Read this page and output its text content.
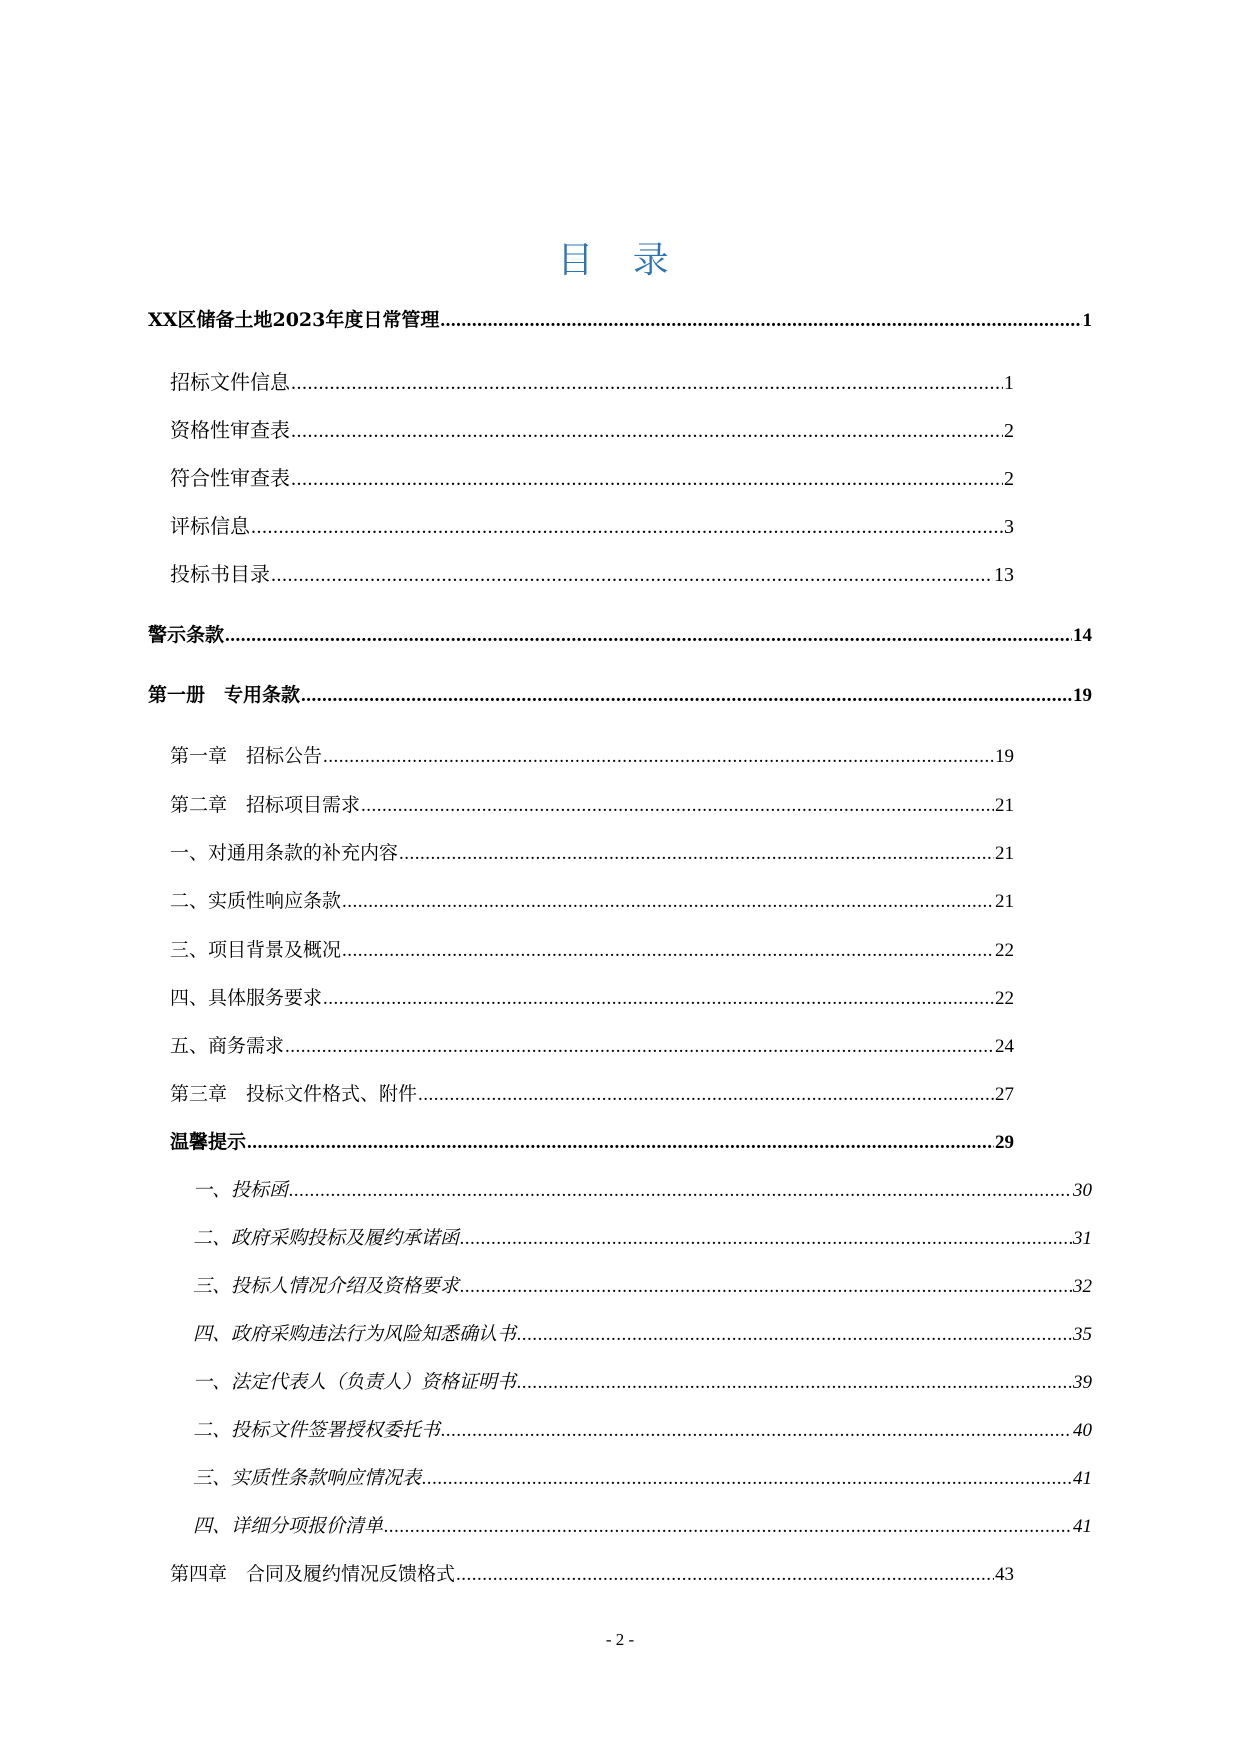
目 录
XX区储备土地2023年度日常管理 .....	1
招标文件信息 .....	1
资格性审查表 .....	2
符合性审查表 .....	2
评标信息 .....	3
投标书目录 .....	13
警示条款 .....	14
第一册　专用条款 .....	19
第一章　招标公告 .....	19
第二章　招标项目需求 .....	21
一、对通用条款的补充内容 .....	21
二、实质性响应条款 .....	21
三、项目背景及概况 .....	22
四、具体服务要求 .....	22
五、商务需求 .....	24
第三章　投标文件格式、附件 .....	27
温馨提示 .....	29
一、投标函 .....	30
二、政府采购投标及履约承诺函 .....	31
三、投标人情况介绍及资格要求 .....	32
四、政府采购违法行为风险知悉确认书 .....	35
一、法定代表人（负责人）资格证明书 .....	39
二、投标文件签署授权委托书 .....	40
三、实质性条款响应情况表 .....	41
四、详细分项报价清单 .....	41
第四章　合同及履约情况反馈格式 .....	43
- 2 -
